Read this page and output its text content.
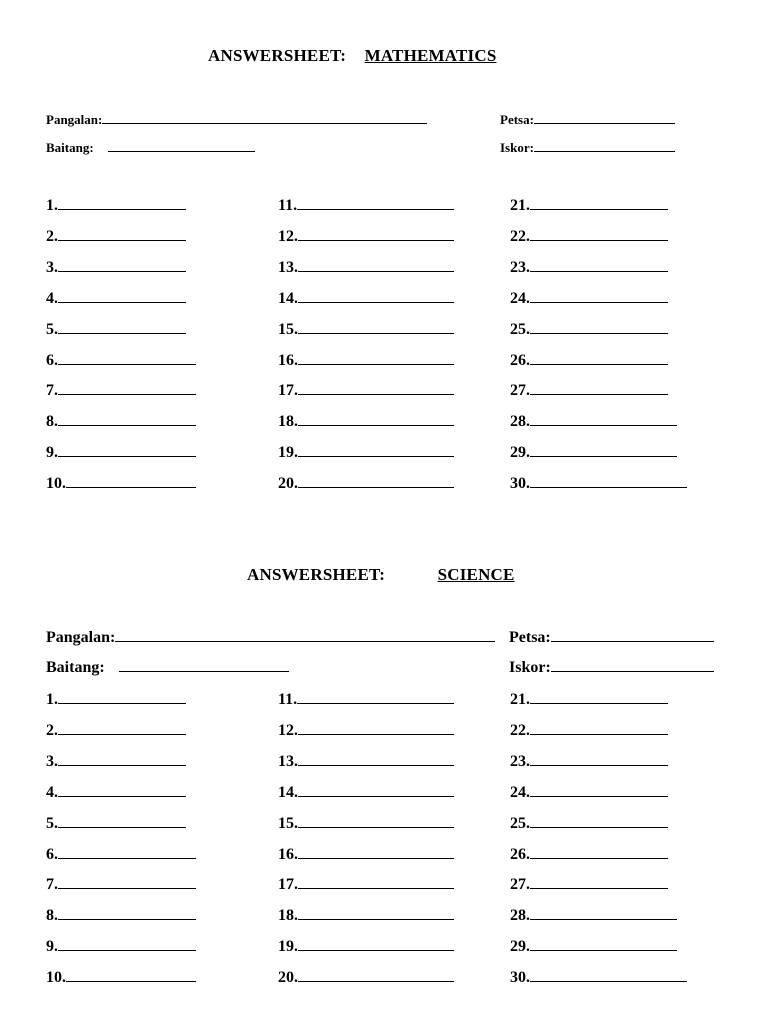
ANSWERSHEET: MATHEMATICS
Pangalan:	Petsa:
Baitang:	Iskor:
1.
2.
3.
4.
5.
6.
7.
8.
9.
10.
11.
12.
13.
14.
15.
16.
17.
18.
19.
20.
21.
22.
23.
24.
25.
26.
27.
28.
29.
30.
ANSWERSHEET:	SCIENCE
Pangalan:	Petsa:
Baitang:	Iskor:
1.
2.
3.
4.
5.
6.
7.
8.
9.
10.
11.
12.
13.
14.
15.
16.
17.
18.
19.
20.
21.
22.
23.
24.
25.
26.
27.
28.
29.
30.
